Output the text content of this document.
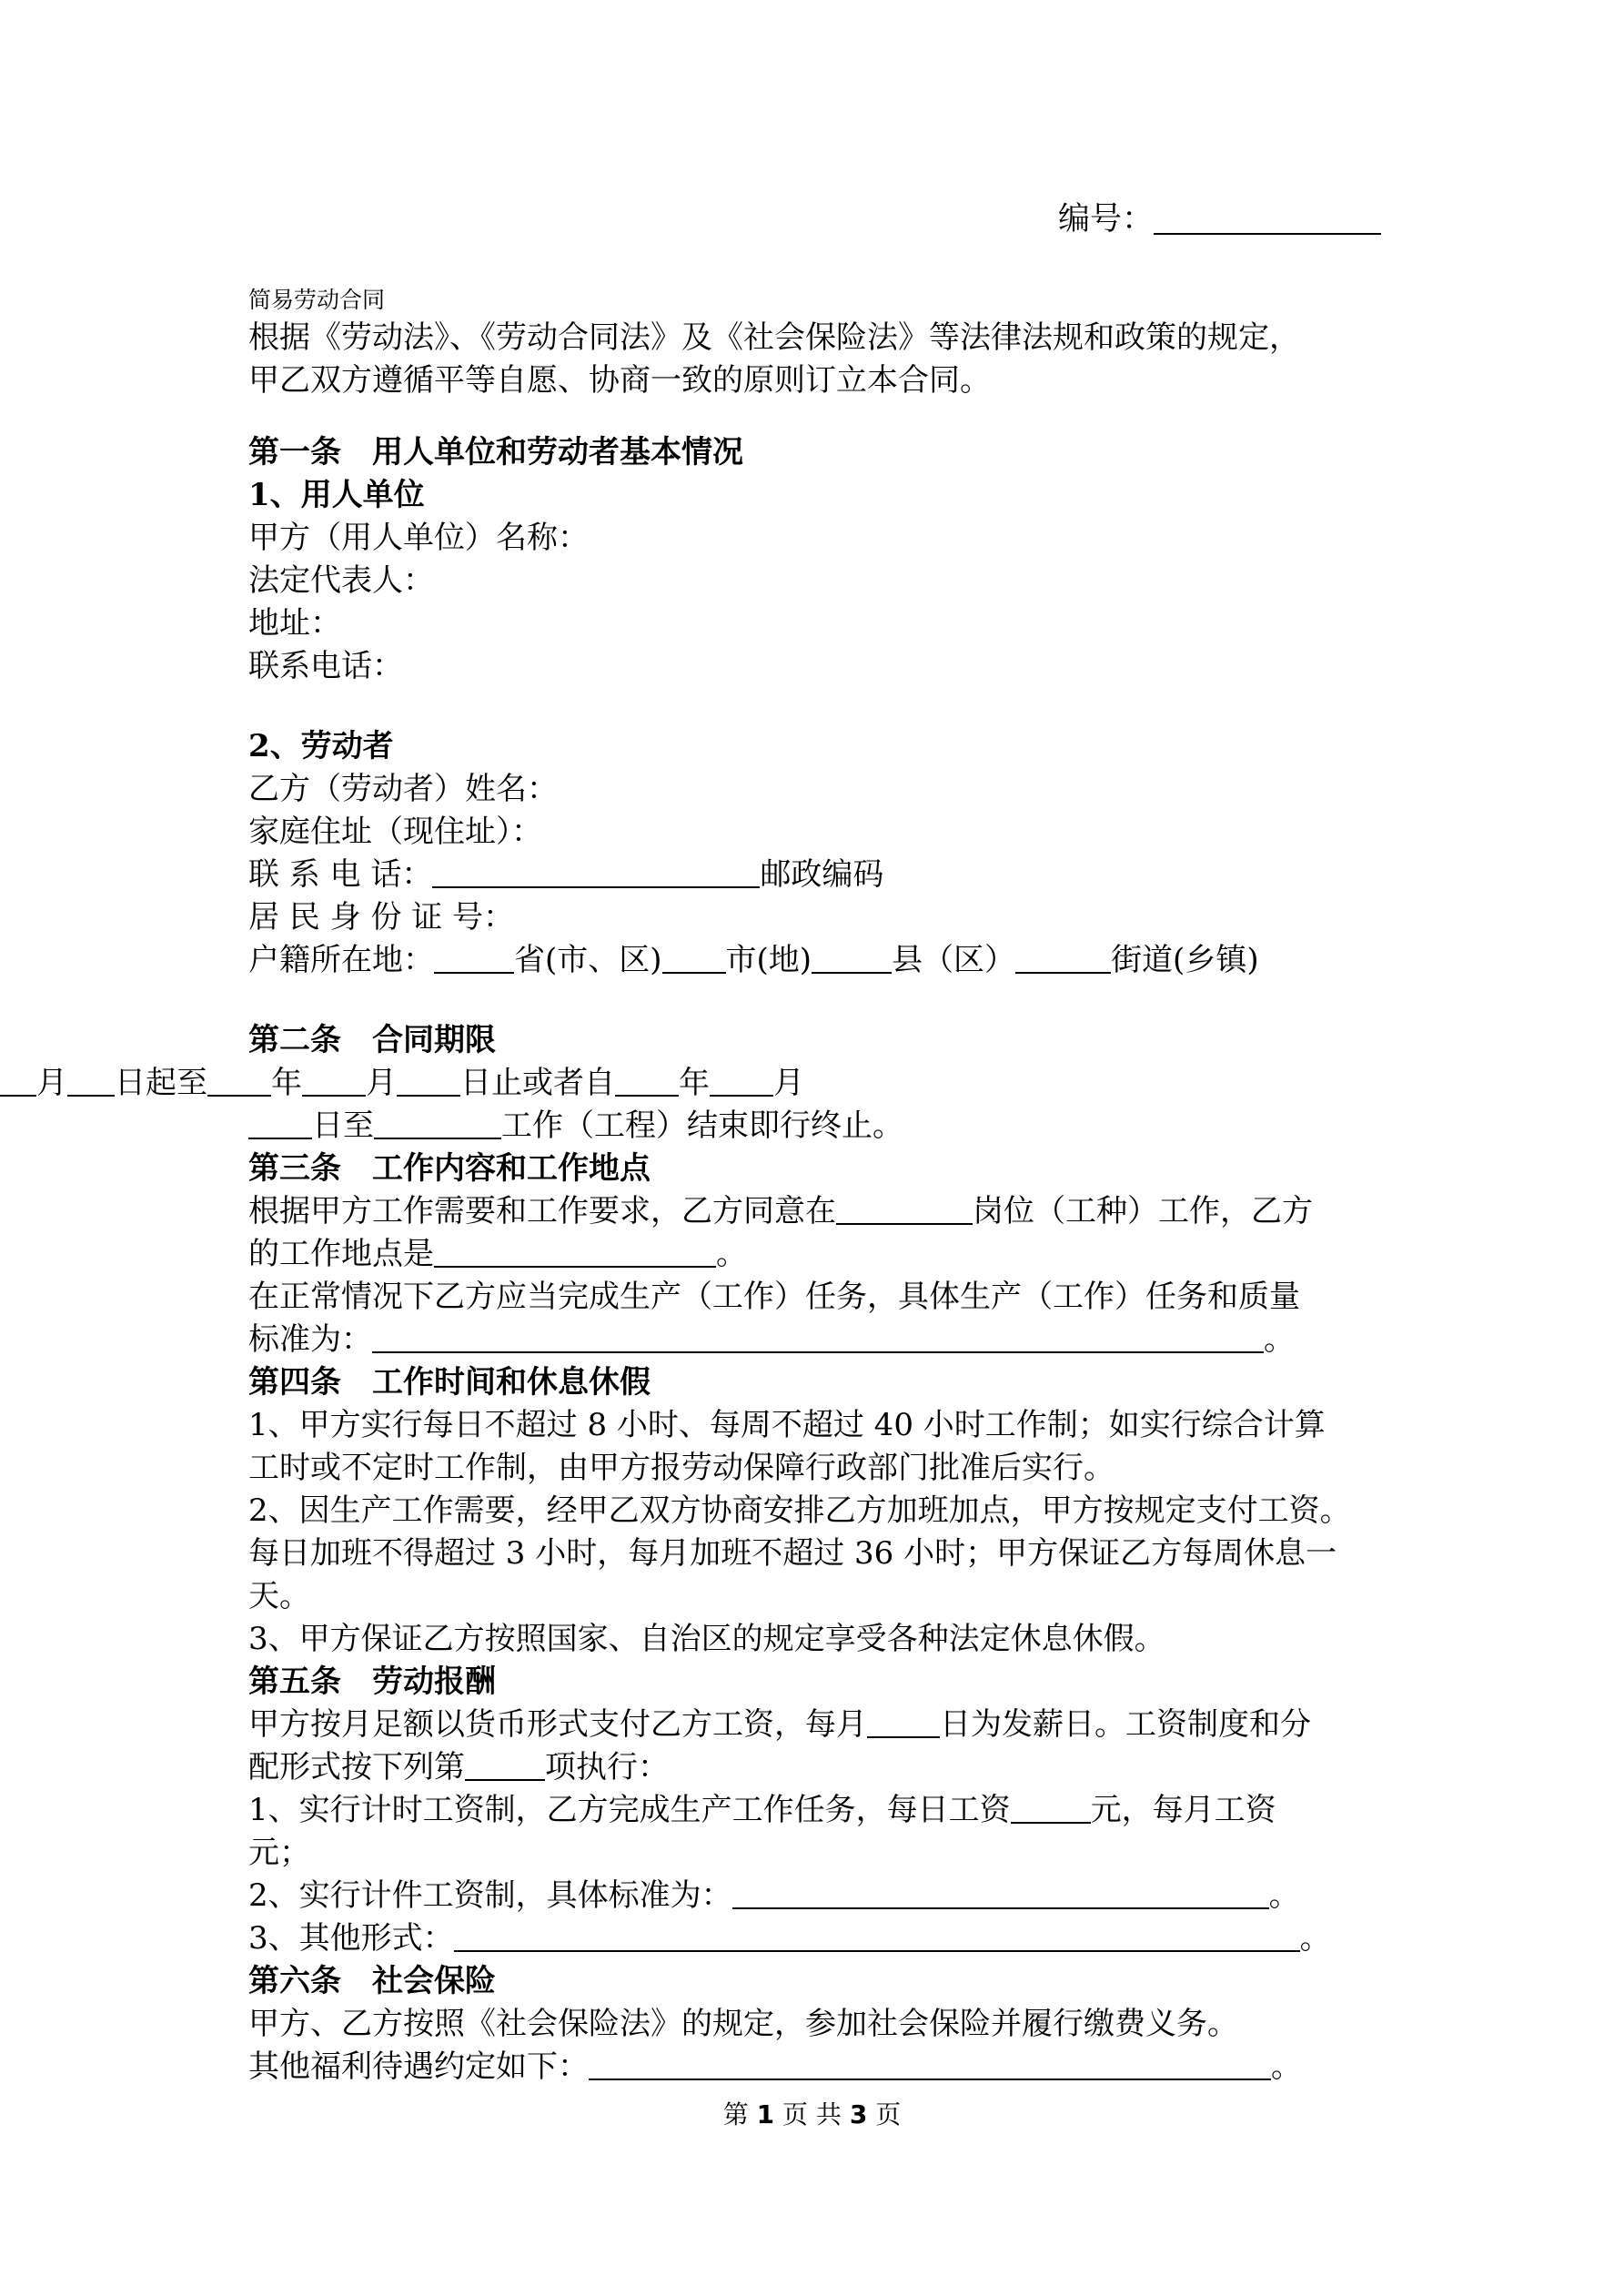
编号：
简易劳动合同
根据《劳动法》、《劳动合同法》及《社会保险法》等法律法规和政策的规定，
甲乙双方遵循平等自愿、协商一致的原则订立本合同。
第一条　用人单位和劳动者基本情况
1、用人单位
甲方（用人单位）名称：
法定代表人：
地址：
联系电话：
2、劳动者
乙方（劳动者）姓名：
家庭住址（现住址）：
联 系 电 话：	邮政编码
居 民 身 份 证 号：
户籍所在地：	省(市、区) 市(地)	县（区）	街道(乡镇)
第二条　合同期限
月 日起至 年 月 日止或者自 年 月
日至	工作（工程）结束即行终止。
第三条　工作内容和工作地点
根据甲方工作需要和工作要求，乙方同意在	岗位（工种）工作，乙方
的工作地点是	。
在正常情况下乙方应当完成生产（工作）任务，具体生产（工作）任务和质量
标准为：	。
第四条　工作时间和休息休假
1、甲方实行每日不超过 8 小时、每周不超过 40 小时工作制；如实行综合计算
工时或不定时工作制，由甲方报劳动保障行政部门批准后实行。
2、因生产工作需要，经甲乙双方协商安排乙方加班加点，甲方按规定支付工资。
每日加班不得超过 3 小时，每月加班不超过 36 小时；甲方保证乙方每周休息一
天。
3、甲方保证乙方按照国家、自治区的规定享受各种法定休息休假。
第五条　劳动报酬
甲方按月足额以货币形式支付乙方工资，每月 日为发薪日。工资制度和分
配形式按下列第	项执行：
1、实行计时工资制，乙方完成生产工作任务，每日工资	元，每月工资
元；
2、实行计件工资制，具体标准为：	。
3、其他形式：	。
第六条　社会保险
甲方、乙方按照《社会保险法》的规定，参加社会保险并履行缴费义务。
其他福利待遇约定如下：	。
第 1 页 共 3 页
